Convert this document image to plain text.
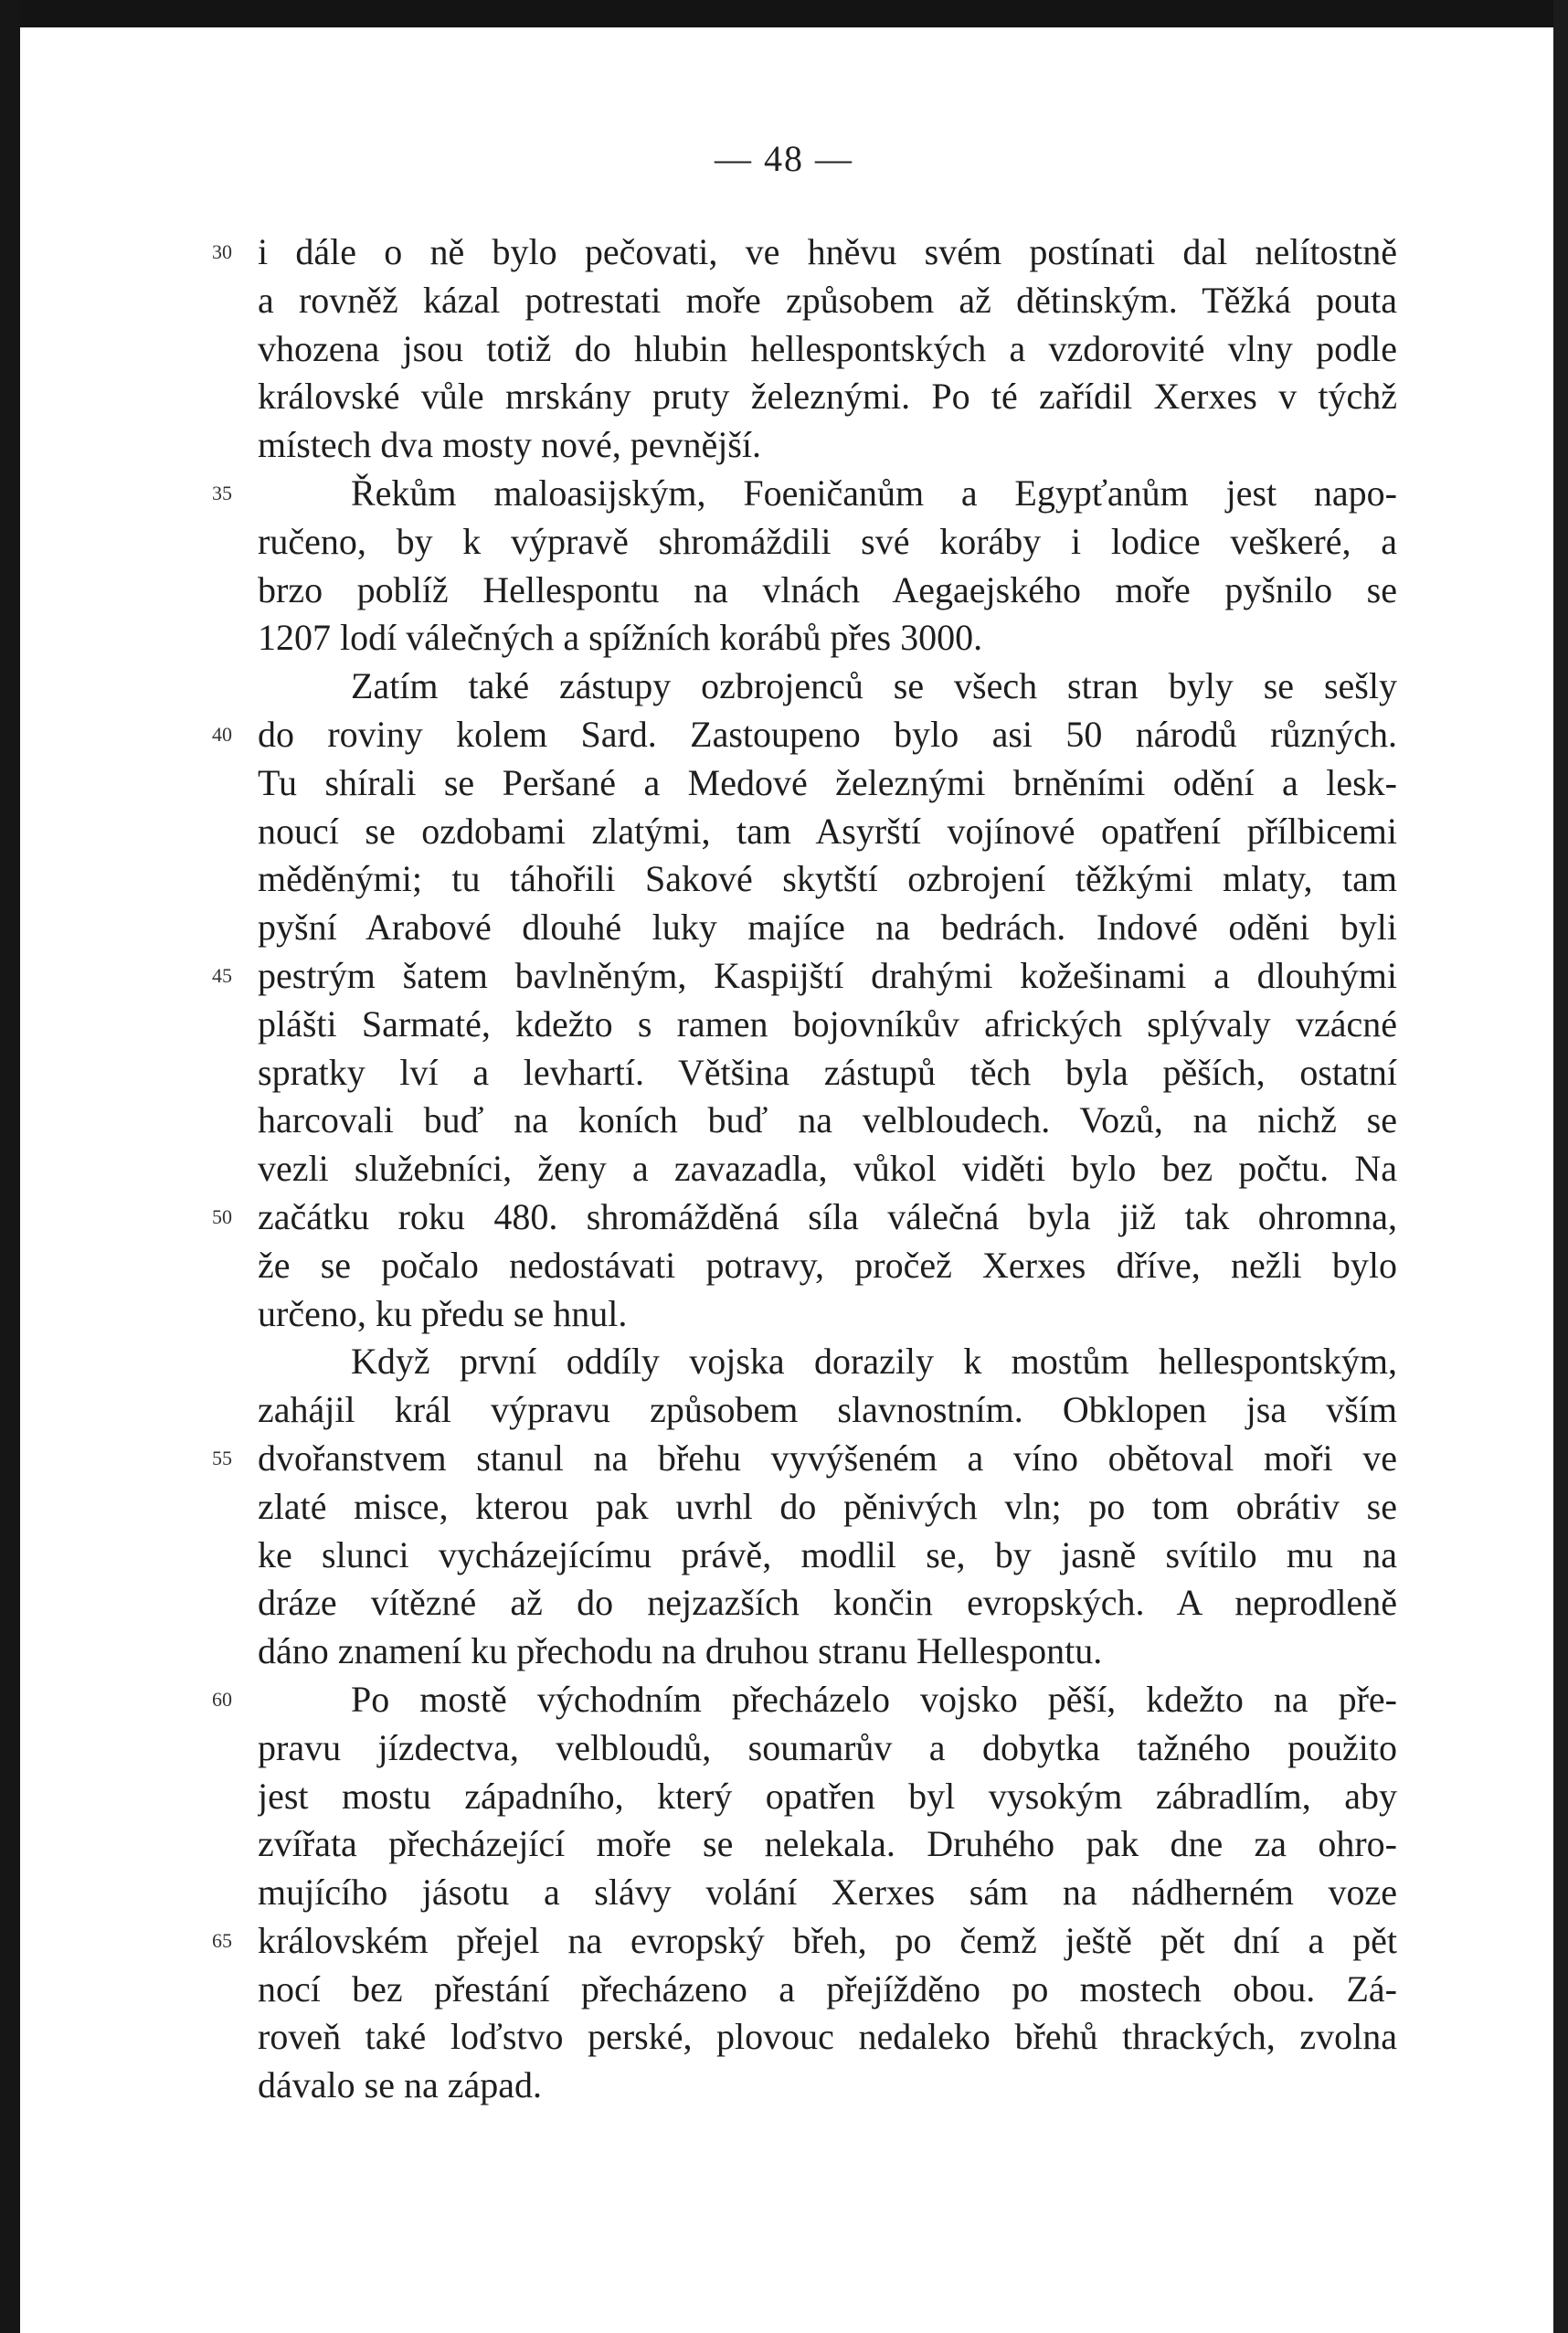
— 48 —
30
35
40
45
50
55
60
65
i dále o ně bylo pečovati, ve hněvu svém postínati dal nelítostně
a rovněž kázal potrestati moře způsobem až dětinským. Těžká pouta
vhozena jsou totiž do hlubin hellespontských a vzdorovité vlny podle
královské vůle mrskány pruty železnými. Po té zařídil Xerxes v týchž
místech dva mosty nové, pevnější.
Řekům maloasijským, Foeničanům a Egypťanům jest napo-
ručeno, by k výpravě shromáždili své koráby i lodice veškeré, a
brzo poblíž Hellespontu na vlnách Aegaejského moře pyšnilo se
1207 lodí válečných a spížních korábů přes 3000.
Zatím také zástupy ozbrojenců se všech stran byly se sešly
do roviny kolem Sard. Zastoupeno bylo asi 50 národů různých.
Tu shírali se Peršané a Medové železnými brněními odění a lesk-
noucí se ozdobami zlatými, tam Asyrští vojínové opatření přílbicemi
měděnými; tu táhořili Sakové skytští ozbrojení těžkými mlaty, tam
pyšní Arabové dlouhé luky majíce na bedrách. Indové oděni byli
pestrým šatem bavlněným, Kaspijští drahými kožešinami a dlouhými
plášti Sarmaté, kdežto s ramen bojovníkův afrických splývaly vzácné
spratky lví a levhartí. Většina zástupů těch byla pěších, ostatní
harcovali buď na koních buď na velbloudech. Vozů, na nichž se
vezli služebníci, ženy a zavazadla, vůkol viděti bylo bez počtu. Na
začátku roku 480. shromážděná síla válečná byla již tak ohromna,
že se počalo nedostávati potravy, pročež Xerxes dříve, nežli bylo
určeno, ku předu se hnul.
Když první oddíly vojska dorazily k mostům hellespontským,
zahájil král výpravu způsobem slavnostním. Obklopen jsa vším
dvořanstvem stanul na břehu vyvýšeném a víno obětoval moři ve
zlaté misce, kterou pak uvrhl do pěnivých vln; po tom obrátiv se
ke slunci vycházejícímu právě, modlil se, by jasně svítilo mu na
dráze vítězné až do nejzazších končin evropských. A neprodleně
dáno znamení ku přechodu na druhou stranu Hellespontu.
Po mostě východním přecházelo vojsko pěší, kdežto na pře-
pravu jízdectva, velbloudů, soumarův a dobytka tažného použito
jest mostu západního, který opatřen byl vysokým zábradlím, aby
zvířata přecházející moře se nelekala. Druhého pak dne za ohro-
mujícího jásotu a slávy volání Xerxes sám na nádherném voze
královském přejel na evropský břeh, po čemž ještě pět dní a pět
nocí bez přestání přecházeno a přejížděno po mostech obou. Zá-
roveň také loďstvo perské, plovouc nedaleko břehů thrackých, zvolna
dávalo se na západ.
